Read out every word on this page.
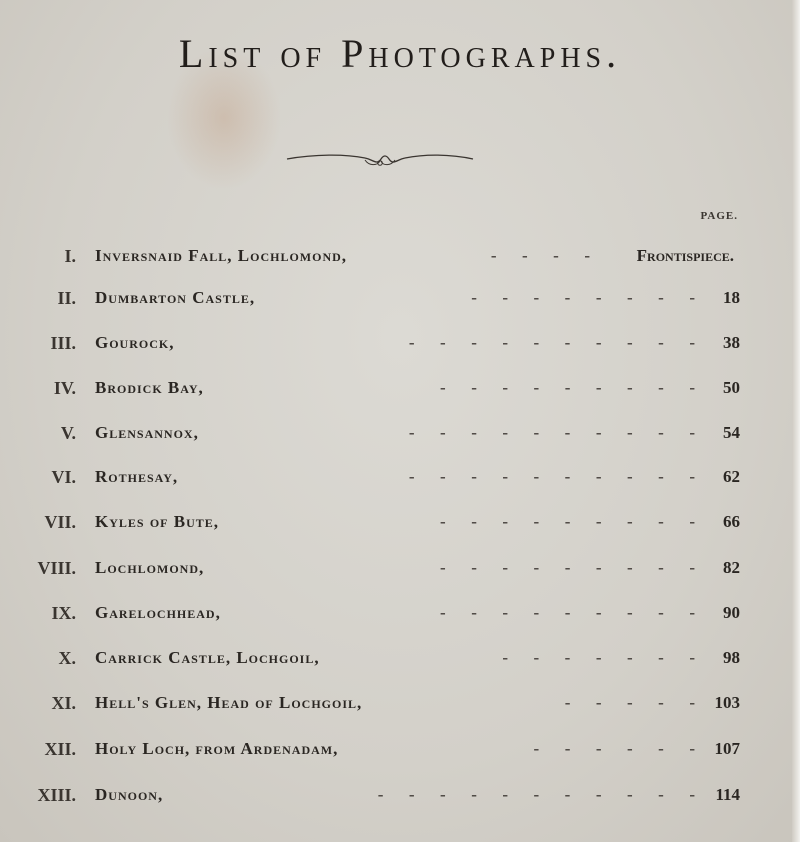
List of Photographs.
PAGE.
I. Inversnaid Fall, Lochlomond,	-      -      -      -	Frontispiece.
II. Dumbarton Castle,	-      -      -      -      -      -      -      - 18
III. Gourock,	-      -      -      -      -      -      -      -      -      - 38
IV. Brodick Bay,	-      -      -      -      -      -      -      -      - 50
V. Glensannox,	-      -      -      -      -      -      -      -      -      - 54
VI. Rothesay,	-      -      -      -      -      -      -      -      -      - 62
VII. Kyles of Bute,	-      -      -      -      -      -      -      -      - 66
VIII. Lochlomond,	-      -      -      -      -      -      -      -      - 82
IX. Garelochhead,	-      -      -      -      -      -      -      -      - 90
X. Carrick Castle, Lochgoil,	-      -      -      -      -      -      - 98
XI. Hell's Glen, Head of Lochgoil,	-      -      -      -      - 103
XII. Holy Loch, from Ardenadam,	-      -      -      -      -      - 107
XIII. Dunoon,	-      -      -      -      -      -      -      -      -      -      - 114
